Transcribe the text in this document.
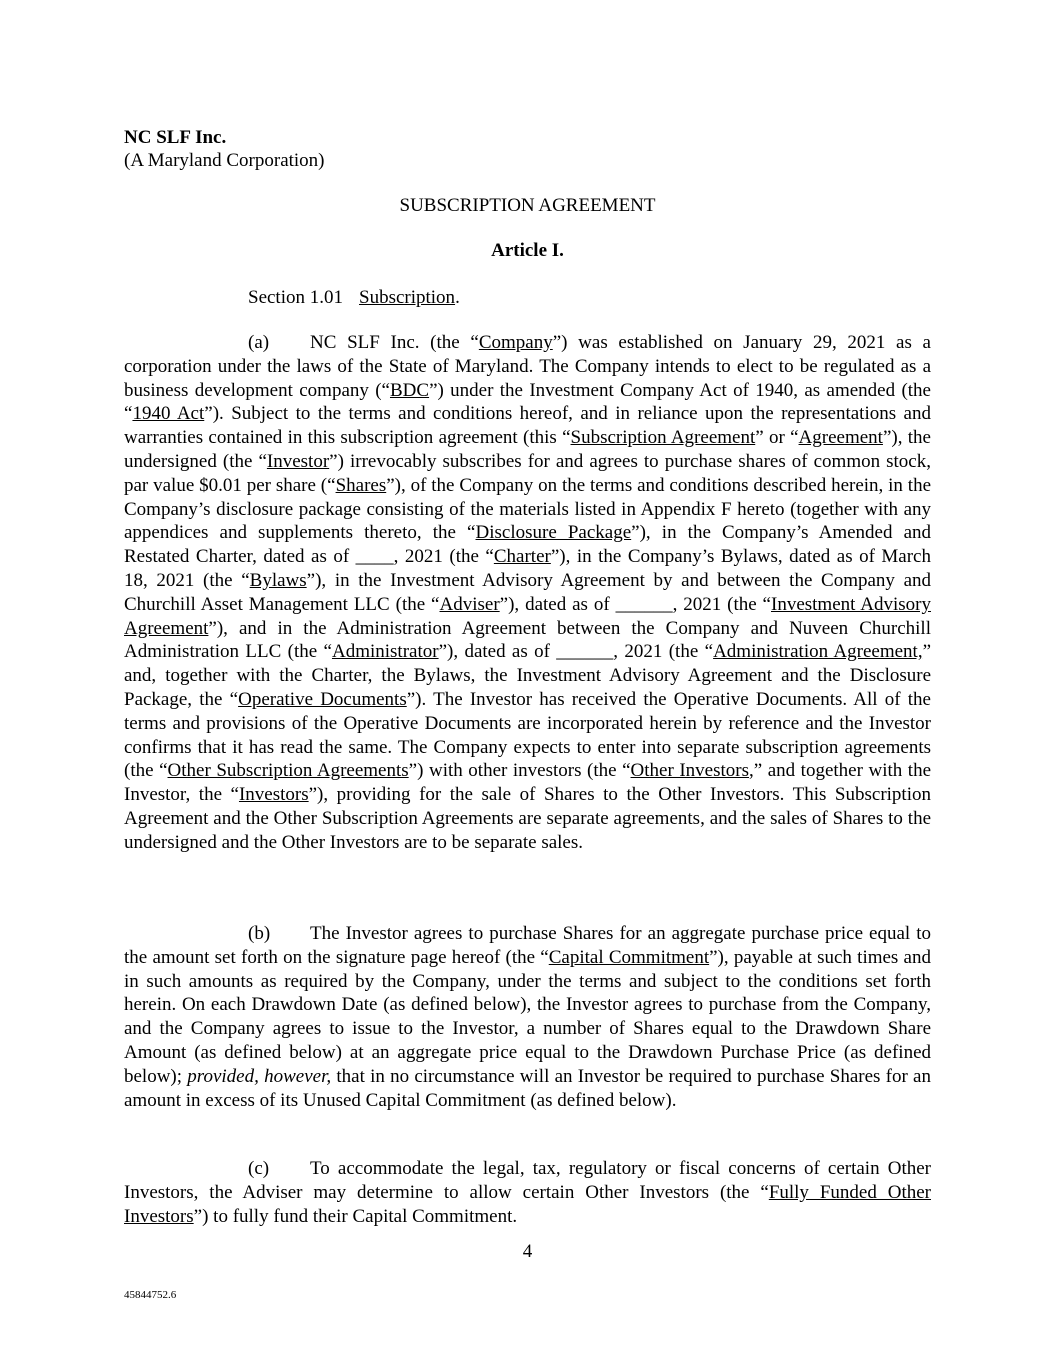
NC SLF Inc.
(A Maryland Corporation)
SUBSCRIPTION AGREEMENT
Article I.
Section 1.01 Subscription.

(a) NC SLF Inc. (the “Company”) was established on January 29, 2021 as a corporation under the laws of the State of Maryland. The Company intends to elect to be regulated as a business development company (“BDC”) under the Investment Company Act of 1940, as amended (the “1940 Act”). Subject to the terms and conditions hereof, and in reliance upon the representations and warranties contained in this subscription agreement (this “Subscription Agreement” or “Agreement”), the undersigned (the “Investor”) irrevocably subscribes for and agrees to purchase shares of common stock, par value $0.01 per share (“Shares”), of the Company on the terms and conditions described herein, in the Company’s disclosure package consisting of the materials listed in Appendix F hereto (together with any appendices and supplements thereto, the “Disclosure Package”), in the Company’s Amended and Restated Charter, dated as of ____, 2021 (the “Charter”), in the Company’s Bylaws, dated as of March 18, 2021 (the “Bylaws”), in the Investment Advisory Agreement by and between the Company and Churchill Asset Management LLC (the “Adviser”), dated as of ______, 2021 (the “Investment Advisory Agreement”), and in the Administration Agreement between the Company and Nuveen Churchill Administration LLC (the “Administrator”), dated as of ______, 2021 (the “Administration Agreement,” and, together with the Charter, the Bylaws, the Investment Advisory Agreement and the Disclosure Package, the “Operative Documents”). The Investor has received the Operative Documents. All of the terms and provisions of the Operative Documents are incorporated herein by reference and the Investor confirms that it has read the same. The Company expects to enter into separate subscription agreements (the “Other Subscription Agreements”) with other investors (the “Other Investors,” and together with the Investor, the “Investors”), providing for the sale of Shares to the Other Investors. This Subscription Agreement and the Other Subscription Agreements are separate agreements, and the sales of Shares to the undersigned and the Other Investors are to be separate sales.

(b) The Investor agrees to purchase Shares for an aggregate purchase price equal to the amount set forth on the signature page hereof (the “Capital Commitment”), payable at such times and in such amounts as required by the Company, under the terms and subject to the conditions set forth herein. On each Drawdown Date (as defined below), the Investor agrees to purchase from the Company, and the Company agrees to issue to the Investor, a number of Shares equal to the Drawdown Share Amount (as defined below) at an aggregate price equal to the Drawdown Purchase Price (as defined below); provided, however, that in no circumstance will an Investor be required to purchase Shares for an amount in excess of its Unused Capital Commitment (as defined below).

(c) To accommodate the legal, tax, regulatory or fiscal concerns of certain Other Investors, the Adviser may determine to allow certain Other Investors (the “Fully Funded Other Investors”) to fully fund their Capital Commitment.

4
45844752.6
